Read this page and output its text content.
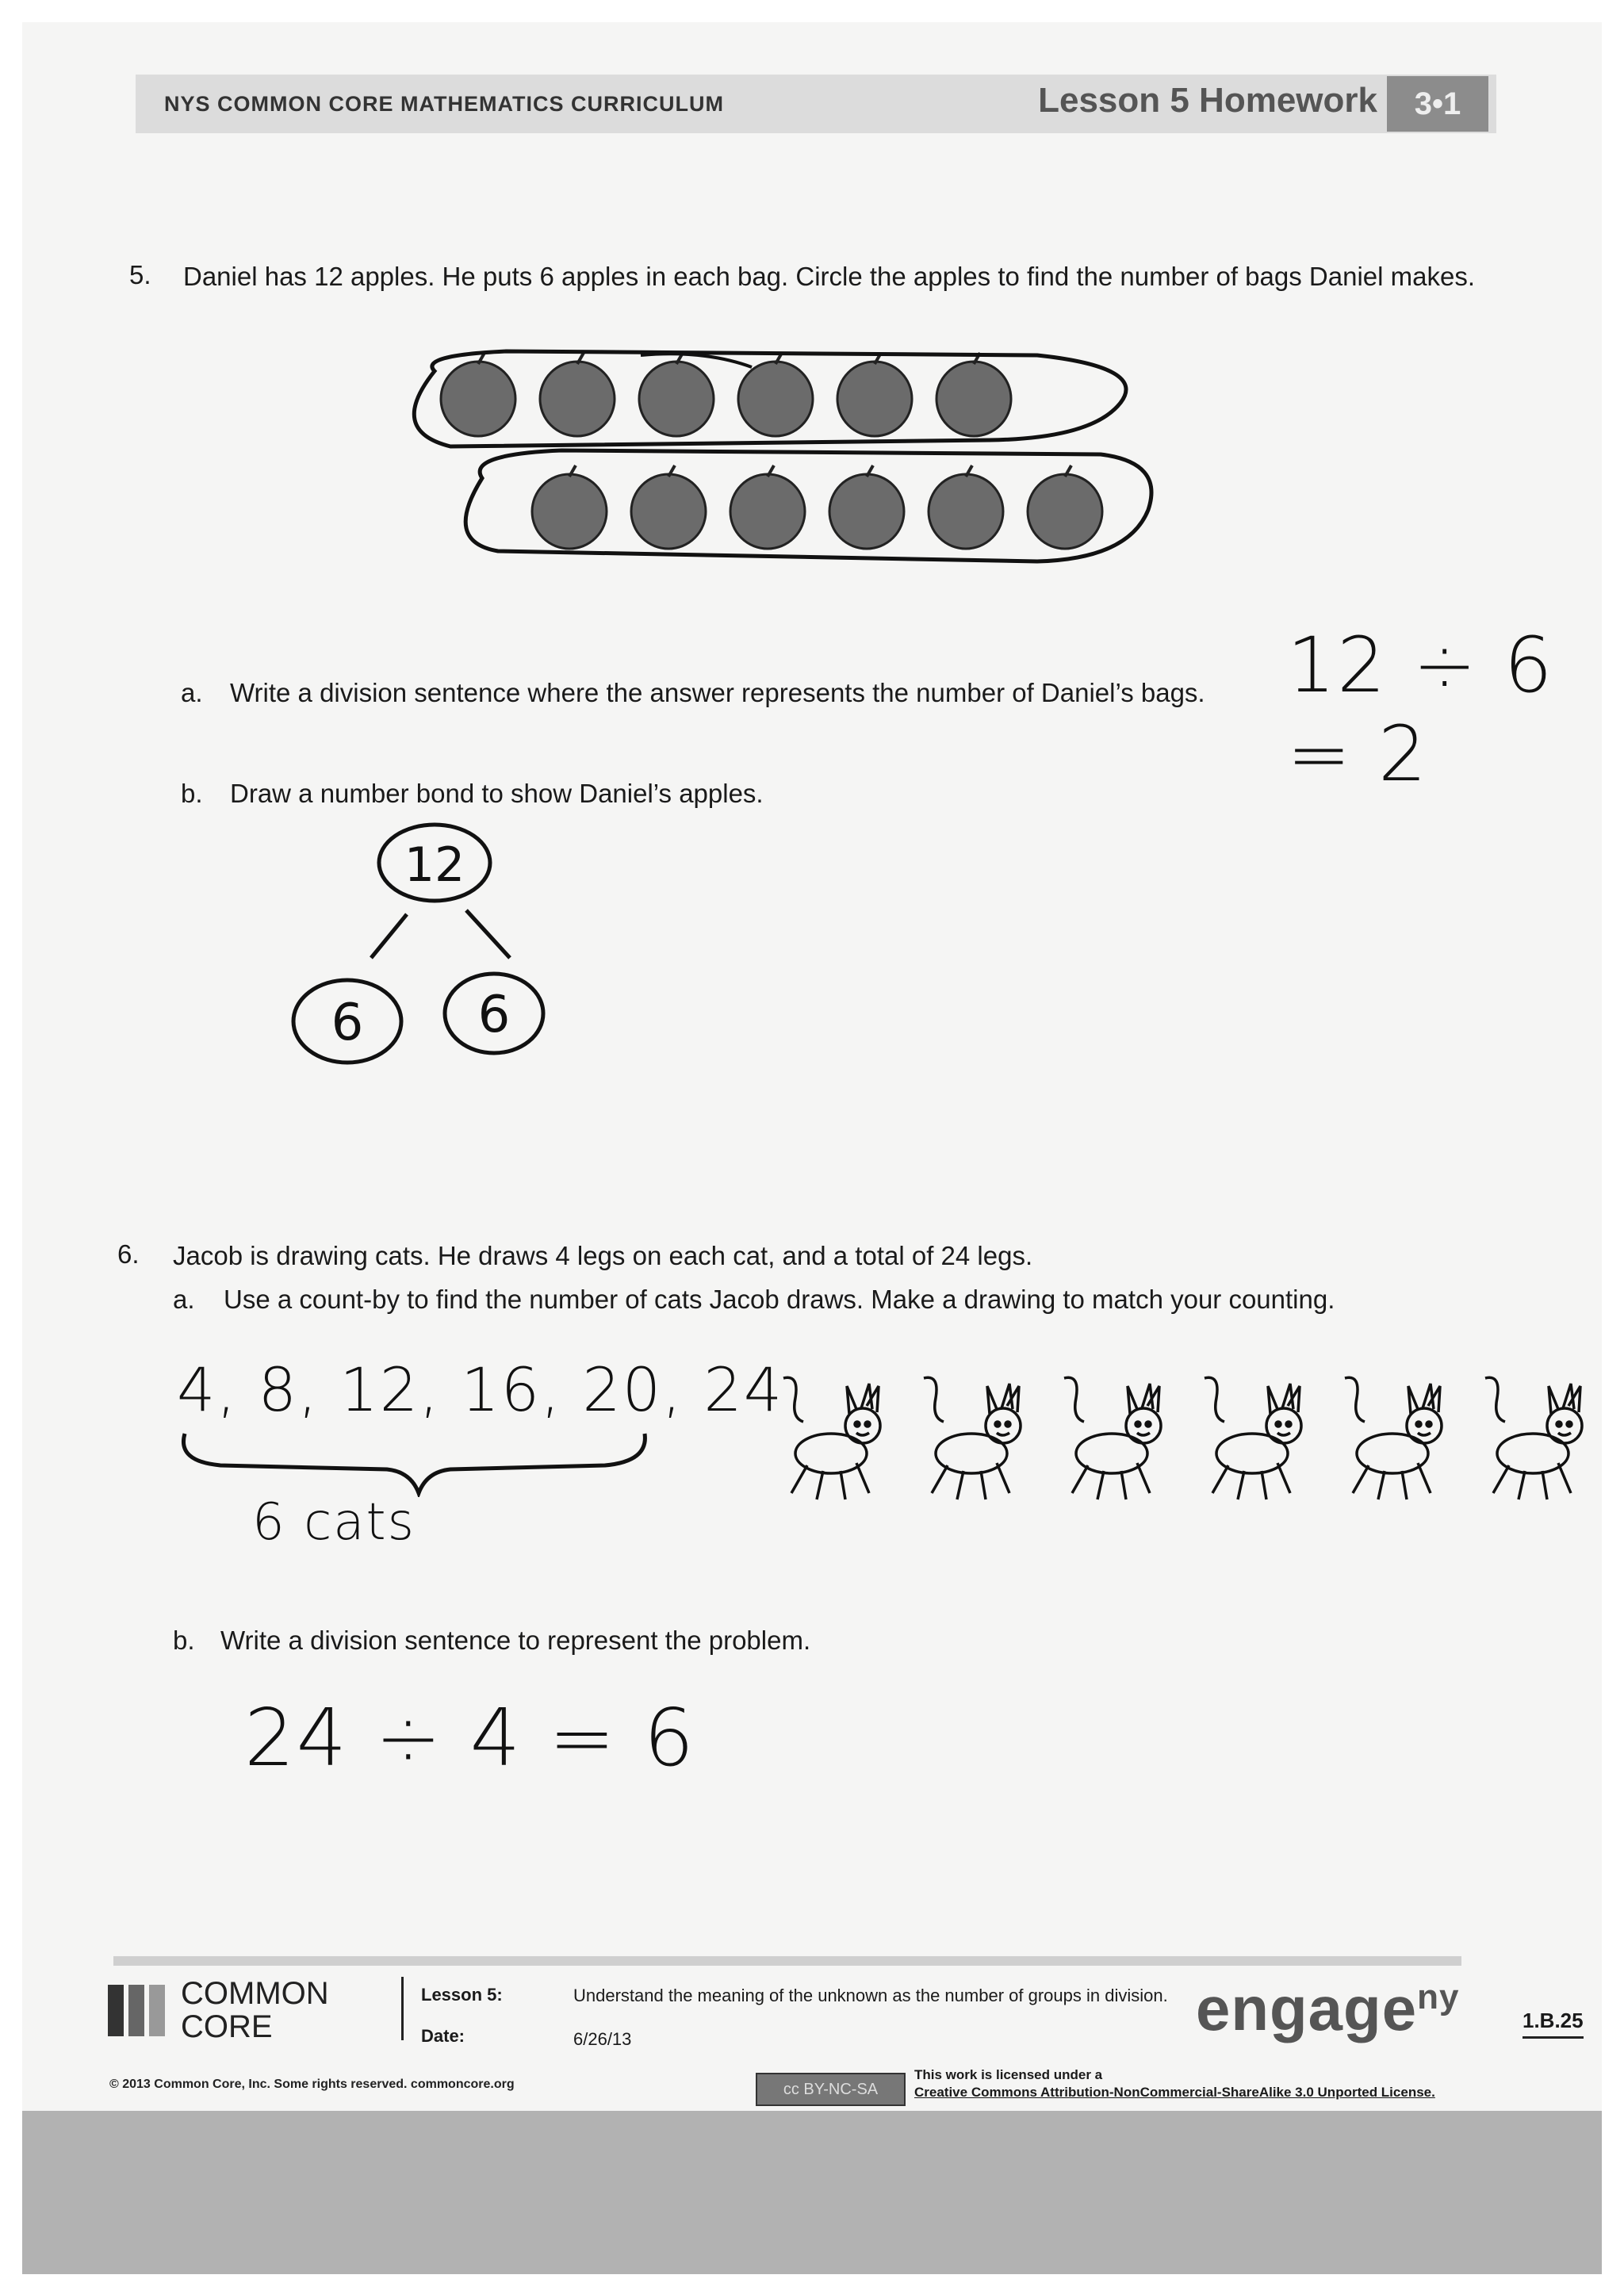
NYS COMMON CORE MATHEMATICS CURRICULUM	Lesson 5 Homework	3•1
5. Daniel has 12 apples. He puts 6 apples in each bag. Circle the apples to find the number of bags Daniel makes.
a. Write a division sentence where the answer represents the number of Daniel’s bags. 12 ÷ 6 = 2
b. Draw a number bond to show Daniel’s apples.
12
6 6
6. Jacob is drawing cats. He draws 4 legs on each cat, and a total of 24 legs.
a. Use a count-by to find the number of cats Jacob draws. Make a drawing to match your counting.
4, 8, 12, 16, 20, 24
6 cats
b. Write a division sentence to represent the problem.
24 ÷ 4 = 6
COMMON
CORE
Lesson 5:
Date:
Understand the meaning of the unknown as the number of groups in division.
6/26/13	engage$^{ny}$
1.B.25
© 2013 Common Core, Inc. Some rights reserved. commoncore.org	cc BY-NC-SA
This work is licensed under a
Creative Commons Attribution-NonCommercial-ShareAlike 3.0 Unported License.
